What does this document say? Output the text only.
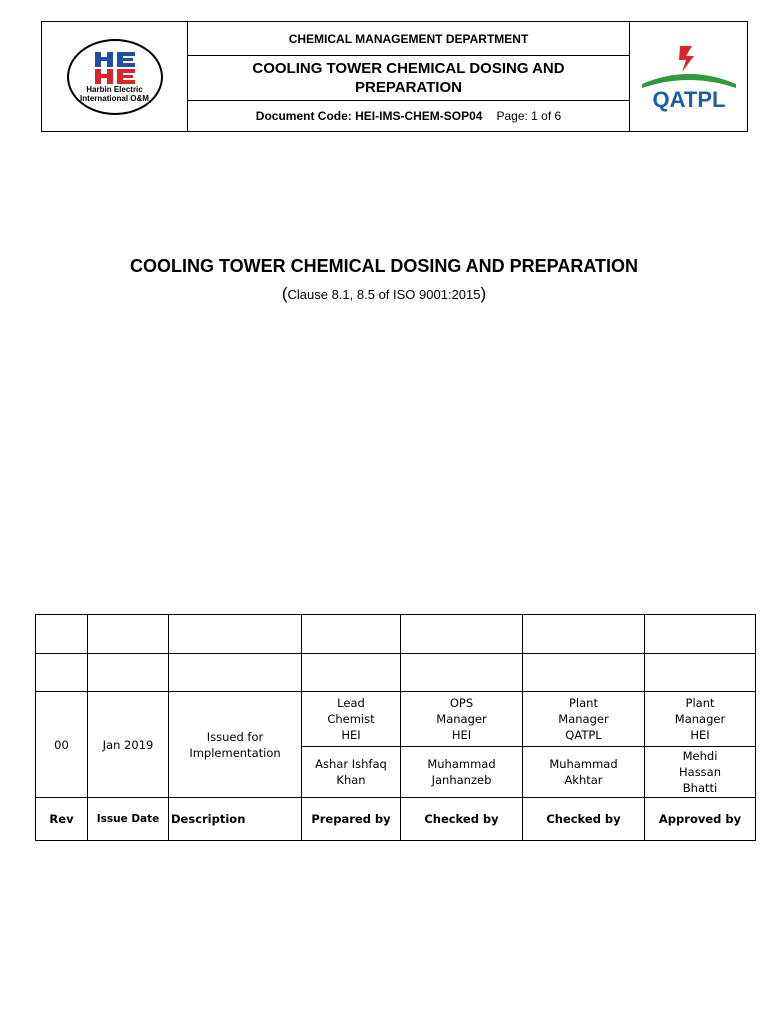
Harbin Electric International O&M
CHEMICAL MANAGEMENT DEPARTMENT
COOLING TOWER CHEMICAL DOSING AND PREPARATION
Document Code: HEI-IMS-CHEM-SOP04 Page: 1 of 6
QATPL
COOLING TOWER CHEMICAL DOSING AND PREPARATION
(Clause 8.1, 8.5 of ISO 9001:2015)

00	Jan 2019	Issued for Implementation	Lead Chemist HEI	OPS Manager HEI	Plant Manager QATPL	Plant Manager HEI
			Ashar Ishfaq Khan	Muhammad Janhanzeb	Muhammad Akhtar	Mehdi Hassan Bhatti
Rev	Issue Date	Description	Prepared by	Checked by	Checked by	Approved by
